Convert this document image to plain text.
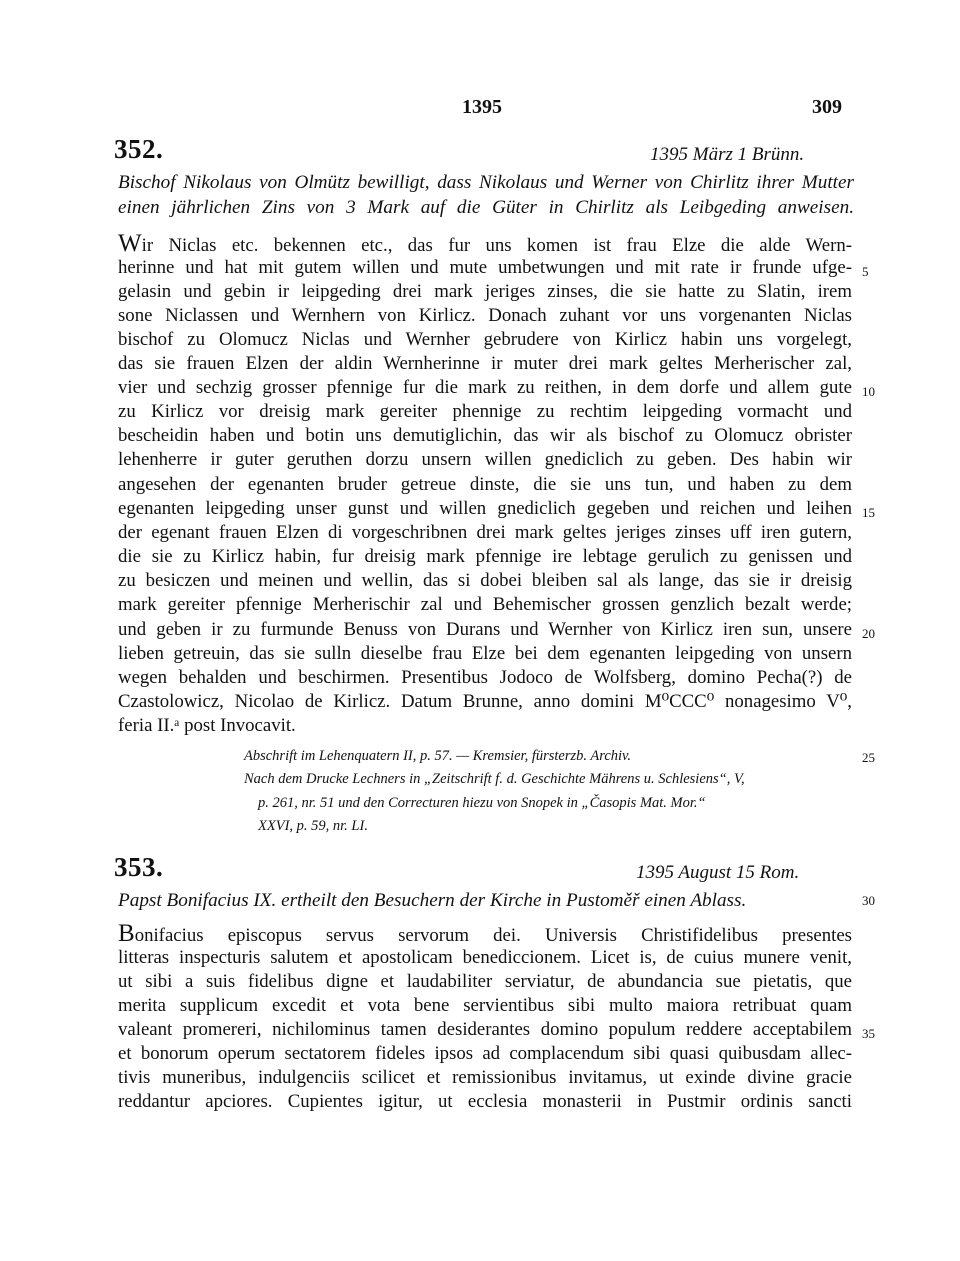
1395	309
352.	1395 März 1 Brünn.
Bischof Nikolaus von Olmütz bewilligt, dass Nikolaus und Werner von Chirlitz ihrer Mutter
einen jährlichen Zins von 3 Mark auf die Güter in Chirlitz als Leibgeding anweisen.
Wir Niclas etc. bekennen etc., das fur uns komen ist frau Elze die alde Wern-
herinne und hat mit gutem willen und mute umbetwungen und mit rate ir frunde ufge-
gelasin und gebin ir leipgeding drei mark jeriges zinses, die sie hatte zu Slatin, irem
sone Niclassen und Wernhern von Kirlicz. Donach zuhant vor uns vorgenanten Niclas
bischof zu Olomucz Niclas und Wernher gebrudere von Kirlicz habin uns vorgelegt,
das sie frauen Elzen der aldin Wernherinne ir muter drei mark geltes Merherischer zal,
vier und sechzig grosser pfennige fur die mark zu reithen, in dem dorfe und allem gute
zu Kirlicz vor dreisig mark gereiter phennige zu rechtim leipgeding vormacht und
bescheidin haben und botin uns demutiglichin, das wir als bischof zu Olomucz obrister
lehenherre ir guter geruthen dorzu unsern willen gnediclich zu geben. Des habin wir
angesehen der egenanten bruder getreue dinste, die sie uns tun, und haben zu dem
egenanten leipgeding unser gunst und willen gnediclich gegeben und reichen und leihen
der egenant frauen Elzen di vorgeschribnen drei mark geltes jeriges zinses uff iren gutern,
die sie zu Kirlicz habin, fur dreisig mark pfennige ire lebtage gerulich zu genissen und
zu besiczen und meinen und wellin, das si dobei bleiben sal als lange, das sie ir dreisig
mark gereiter pfennige Merherischir zal und Behemischer grossen genzlich bezalt werde;
und geben ir zu furmunde Benuss von Durans und Wernher von Kirlicz iren sun, unsere
lieben getreuin, das sie sulln dieselbe frau Elze bei dem egenanten leipgeding von unsern
wegen behalden und beschirmen. Presentibus Jodoco de Wolfsberg, domino Pecha(?) de
Czastolowicz, Nicolao de Kirlicz. Datum Brunne, anno domini M⁰CCC⁰ nonagesimo V⁰,
feria II.ᵃ post Invocavit.
Abschrift im Lehenquatern II, p. 57. — Kremsier, fürsterzb. Archiv.
Nach dem Drucke Lechners in „Zeitschrift f. d. Geschichte Mährens u. Schlesiens“, V,
p. 261, nr. 51 und den Correcturen hiezu von Snopek in „Časopis Mat. Mor.“
XXVI, p. 59, nr. LI.
353.	1395 August 15 Rom.
Papst Bonifacius IX. ertheilt den Besuchern der Kirche in Pustoměř einen Ablass.
Bonifacius episcopus servus servorum dei. Universis Christifidelibus presentes
litteras inspecturis salutem et apostolicam benediccionem. Licet is, de cuius munere venit,
ut sibi a suis fidelibus digne et laudabiliter serviatur, de abundancia sue pietatis, que
merita supplicum excedit et vota bene servientibus sibi multo maiora retribuat quam
valeant promereri, nichilominus tamen desiderantes domino populum reddere acceptabilem
et bonorum operum sectatorem fideles ipsos ad complacendum sibi quasi quibusdam allec-
tivis muneribus, indulgenciis scilicet et remissionibus invitamus, ut exinde divine gracie
reddantur apciores. Cupientes igitur, ut ecclesia monasterii in Pustmir ordinis sancti
5
10
15
20
25
30
35
